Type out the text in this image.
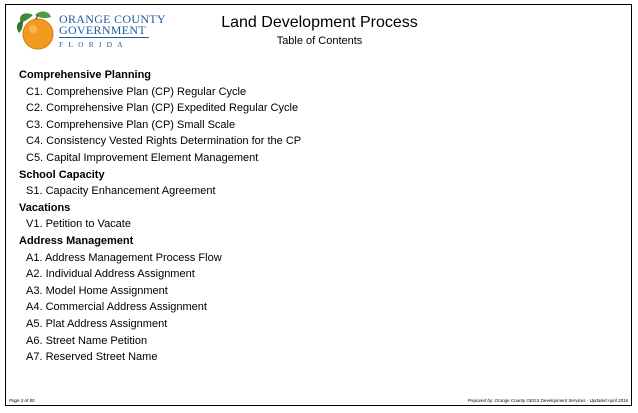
ORANGE COUNTY
GOVERNMENT
FLORIDA
Land Development Process
Table of Contents
Comprehensive Planning
C1. Comprehensive Plan (CP) Regular Cycle
C2. Comprehensive Plan (CP) Expedited Regular Cycle
C3. Comprehensive Plan (CP) Small Scale
C4. Consistency Vested Rights Determination for the CP
C5. Capital Improvement Element Management
School Capacity
S1. Capacity Enhancement Agreement
Vacations
V1. Petition to Vacate
Address Management
A1. Address Management Process Flow
A2. Individual Address Assignment
A3. Model Home Assignment
A4. Commercial Address Assignment
A5. Plat Address Assignment
A6. Street Name Petition
A7. Reserved Street Name
Page 3 of 80	Prepared by: Orange County OEGS Development Services - Updated April 2016
